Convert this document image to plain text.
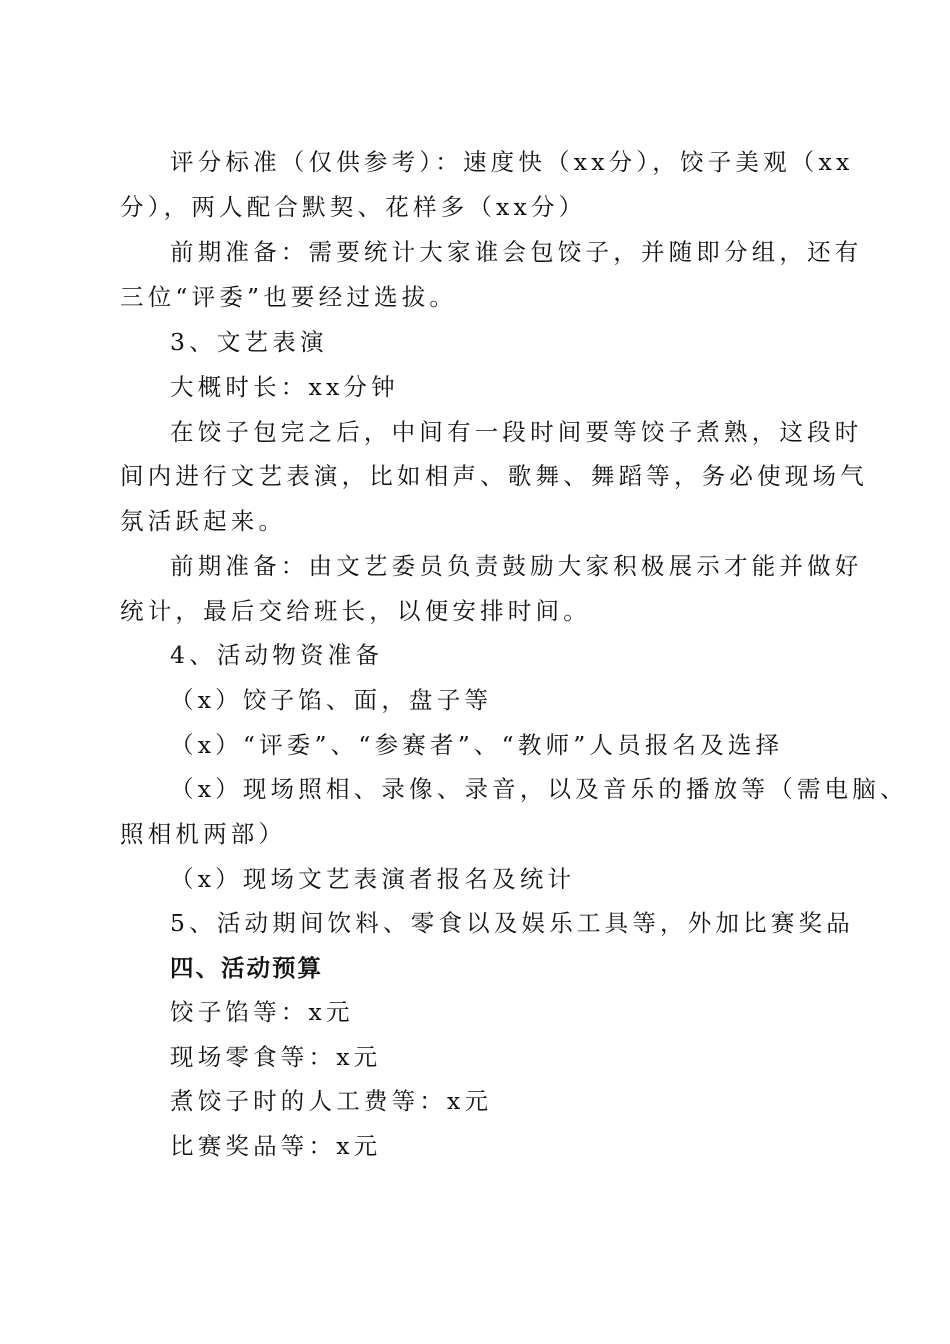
评分标准（仅供参考）：速度快（xx分），饺子美观（xx
分），两人配合默契、花样多（xx分）
前期准备：需要统计大家谁会包饺子，并随即分组，还有
三位“评委”也要经过选拔。
3、文艺表演
大概时长：xx分钟
在饺子包完之后，中间有一段时间要等饺子煮熟，这段时
间内进行文艺表演，比如相声、歌舞、舞蹈等，务必使现场气
氛活跃起来。
前期准备：由文艺委员负责鼓励大家积极展示才能并做好
统计，最后交给班长，以便安排时间。
4、活动物资准备
（x）饺子馅、面，盘子等
（x）“评委”、“参赛者”、“教师”人员报名及选择
（x）现场照相、录像、录音，以及音乐的播放等（需电脑、
照相机两部）
（x）现场文艺表演者报名及统计
5、活动期间饮料、零食以及娱乐工具等，外加比赛奖品
四、活动预算
饺子馅等：x元
现场零食等：x元
煮饺子时的人工费等：x元
比赛奖品等：x元
